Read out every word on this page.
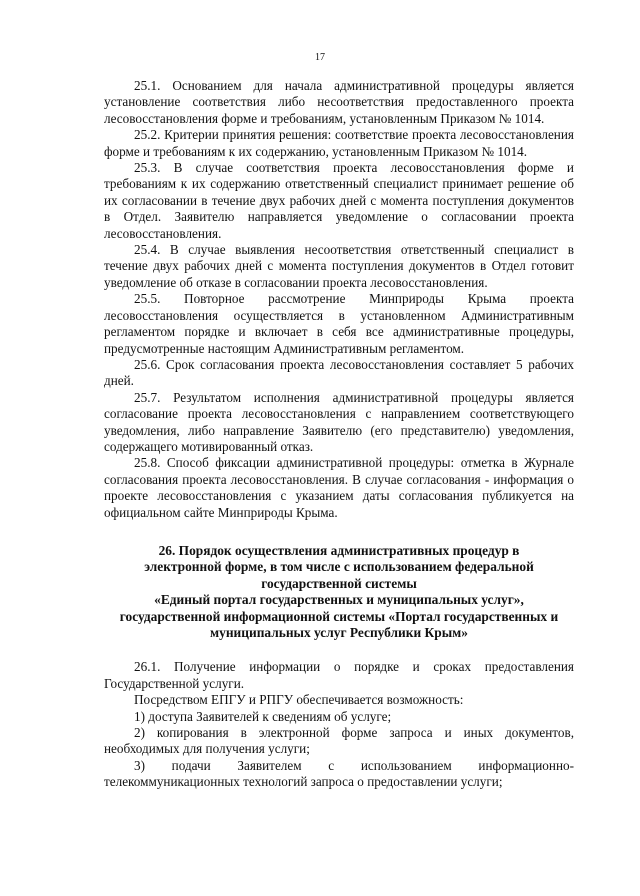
17

25.1. Основанием для начала административной процедуры является установление соответствия либо несоответствия предоставленного проекта лесовосстановления форме и требованиям, установленным Приказом № 1014.

25.2. Критерии принятия решения: соответствие проекта лесовосстановления форме и требованиям к их содержанию, установленным Приказом № 1014.

25.3. В случае соответствия проекта лесовосстановления форме и требованиям к их содержанию ответственный специалист принимает решение об их согласовании в течение двух рабочих дней с момента поступления документов в Отдел. Заявителю направляется уведомление о согласовании проекта лесовосстановления.

25.4. В случае выявления несоответствия ответственный специалист в течение двух рабочих дней с момента поступления документов в Отдел готовит уведомление об отказе в согласовании проекта лесовосстановления.

25.5. Повторное рассмотрение Минприроды Крыма проекта лесовосстановления осуществляется в установленном Административным регламентом порядке и включает в себя все административные процедуры, предусмотренные настоящим Административным регламентом.

25.6. Срок согласования проекта лесовосстановления составляет 5 рабочих дней.

25.7. Результатом исполнения административной процедуры является согласование проекта лесовосстановления с направлением соответствующего уведомления, либо направление Заявителю (его представителю) уведомления, содержащего мотивированный отказ.

25.8. Способ фиксации административной процедуры: отметка в Журнале согласования проекта лесовосстановления. В случае согласования - информация о проекте лесовосстановления с указанием даты согласования публикуется на официальном сайте Минприроды Крыма.

26. Порядок осуществления административных процедур в
электронной форме, в том числе с использованием федеральной
государственной системы
«Единый портал государственных и муниципальных услуг»,
государственной информационной системы «Портал государственных и
муниципальных услуг Республики Крым»

26.1. Получение информации о порядке и сроках предоставления Государственной услуги.

Посредством ЕПГУ и РПГУ обеспечивается возможность:

1) доступа Заявителей к сведениям об услуге;

2) копирования в электронной форме запроса и иных документов, необходимых для получения услуги;

3) подачи Заявителем с использованием информационно-телекоммуникационных технологий запроса о предоставлении услуги;
